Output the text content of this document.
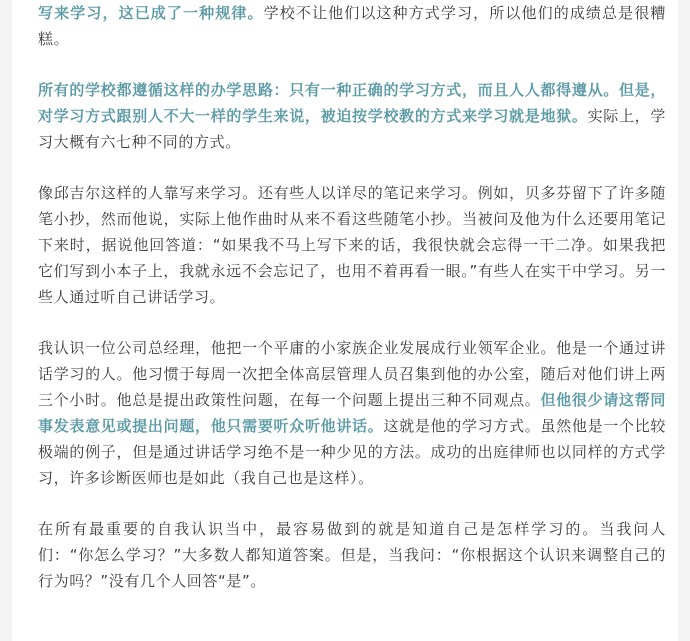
写来学习，这已成了一种规律。学校不让他们以这种方式学习，所以他们的成绩总是很糟糕。

所有的学校都遵循这样的办学思路：只有一种正确的学习方式，而且人人都得遵从。但是，对学习方式跟别人不大一样的学生来说，被迫按学校教的方式来学习就是地狱。实际上，学习大概有六七种不同的方式。

像邱吉尔这样的人靠写来学习。还有些人以详尽的笔记来学习。例如，贝多芬留下了许多随笔小抄，然而他说，实际上他作曲时从来不看这些随笔小抄。当被问及他为什么还要用笔记下来时，据说他回答道：“如果我不马上写下来的话，我很快就会忘得一干二净。如果我把它们写到小本子上，我就永远不会忘记了，也用不着再看一眼。”有些人在实干中学习。另一些人通过听自己讲话学习。

我认识一位公司总经理，他把一个平庸的小家族企业发展成行业领军企业。他是一个通过讲话学习的人。他习惯于每周一次把全体高层管理人员召集到他的办公室，随后对他们讲上两三个小时。他总是提出政策性问题，在每一个问题上提出三种不同观点。但他很少请这帮同事发表意见或提出问题，他只需要听众听他讲话。这就是他的学习方式。虽然他是一个比较极端的例子，但是通过讲话学习绝不是一种少见的方法。成功的出庭律师也以同样的方式学习，许多诊断医师也是如此（我自己也是这样）。

在所有最重要的自我认识当中，最容易做到的就是知道自己是怎样学习的。当我问人们：“你怎么学习？”大多数人都知道答案。但是，当我问：“你根据这个认识来调整自己的行为吗？”没有几个人回答“是”。
